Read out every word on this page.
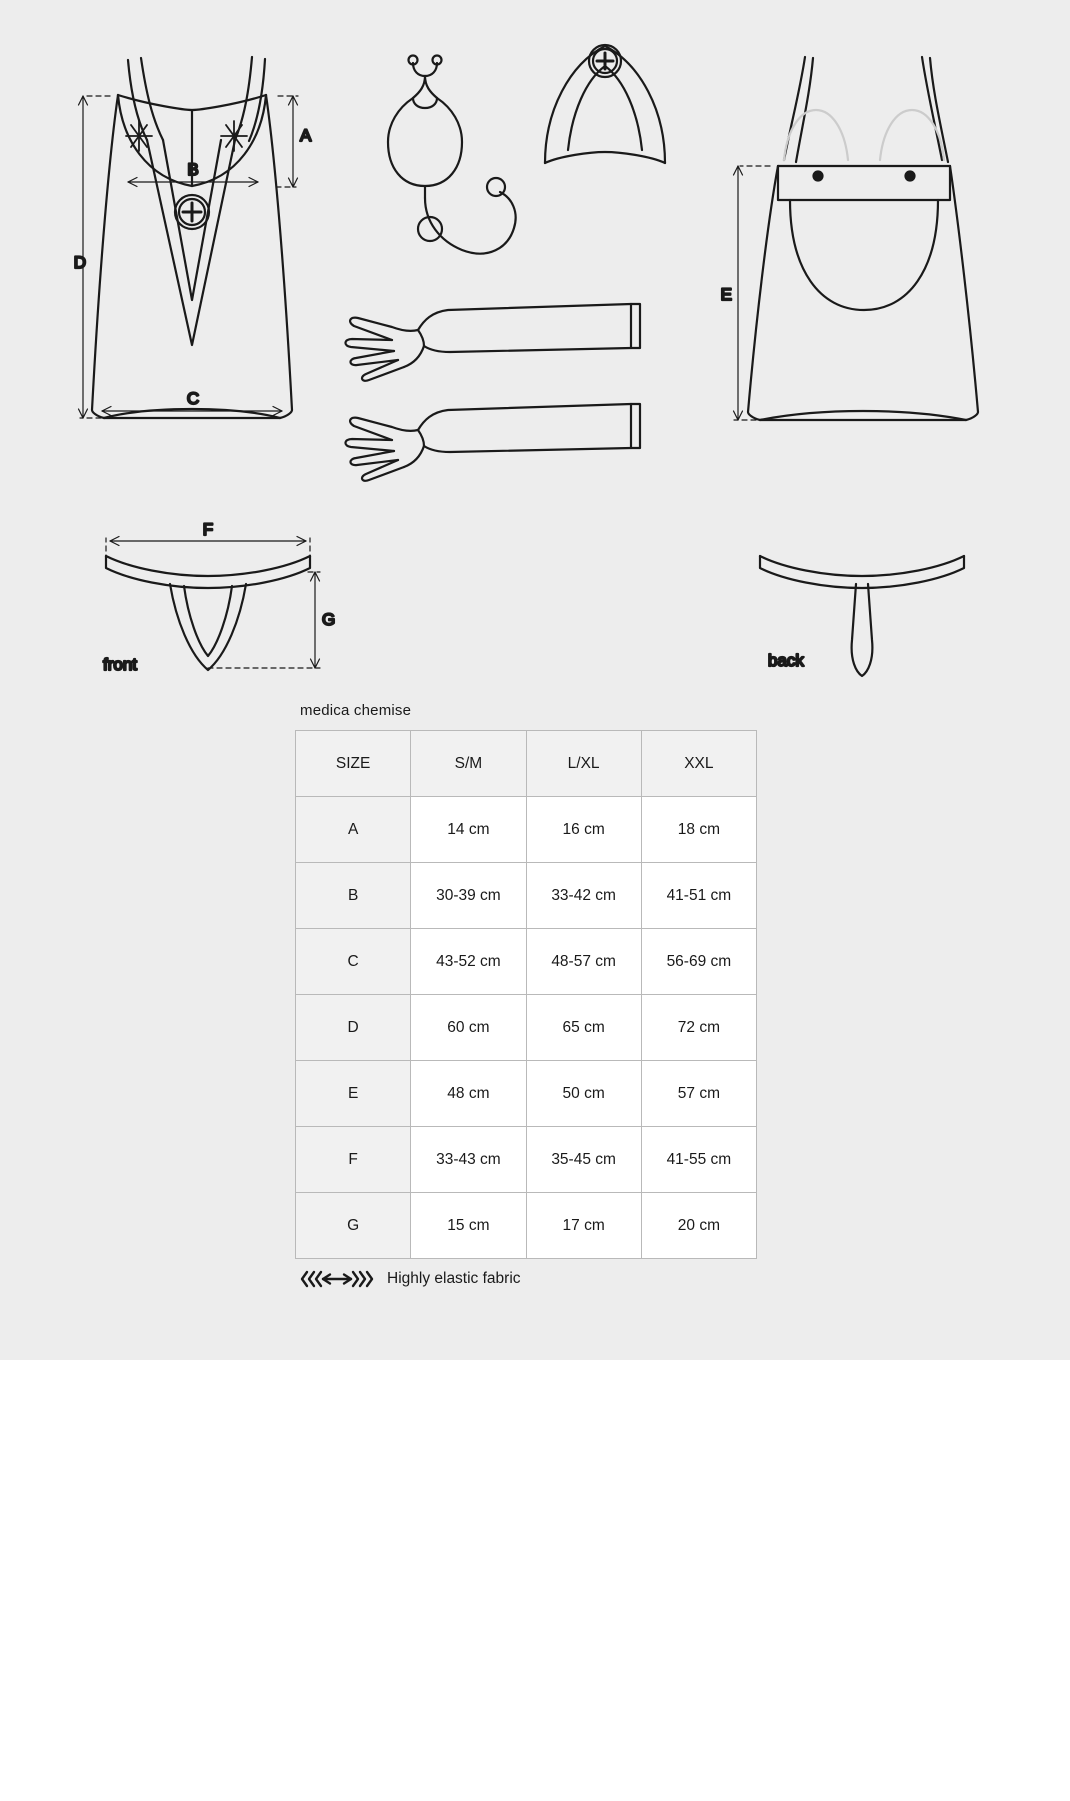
D
A
B
C
E
F
G
front	back
medica chemise
SIZE	S/M	L/XL	XXL
A	14 cm	16 cm	18 cm
B	30-39 cm	33-42 cm	41-51 cm
C	43-52 cm	48-57 cm	56-69 cm
D	60 cm	65 cm	72 cm
E	48 cm	50 cm	57 cm
F	33-43 cm	35-45 cm	41-55 cm
G	15 cm	17 cm	20 cm
Highly elastic fabric
